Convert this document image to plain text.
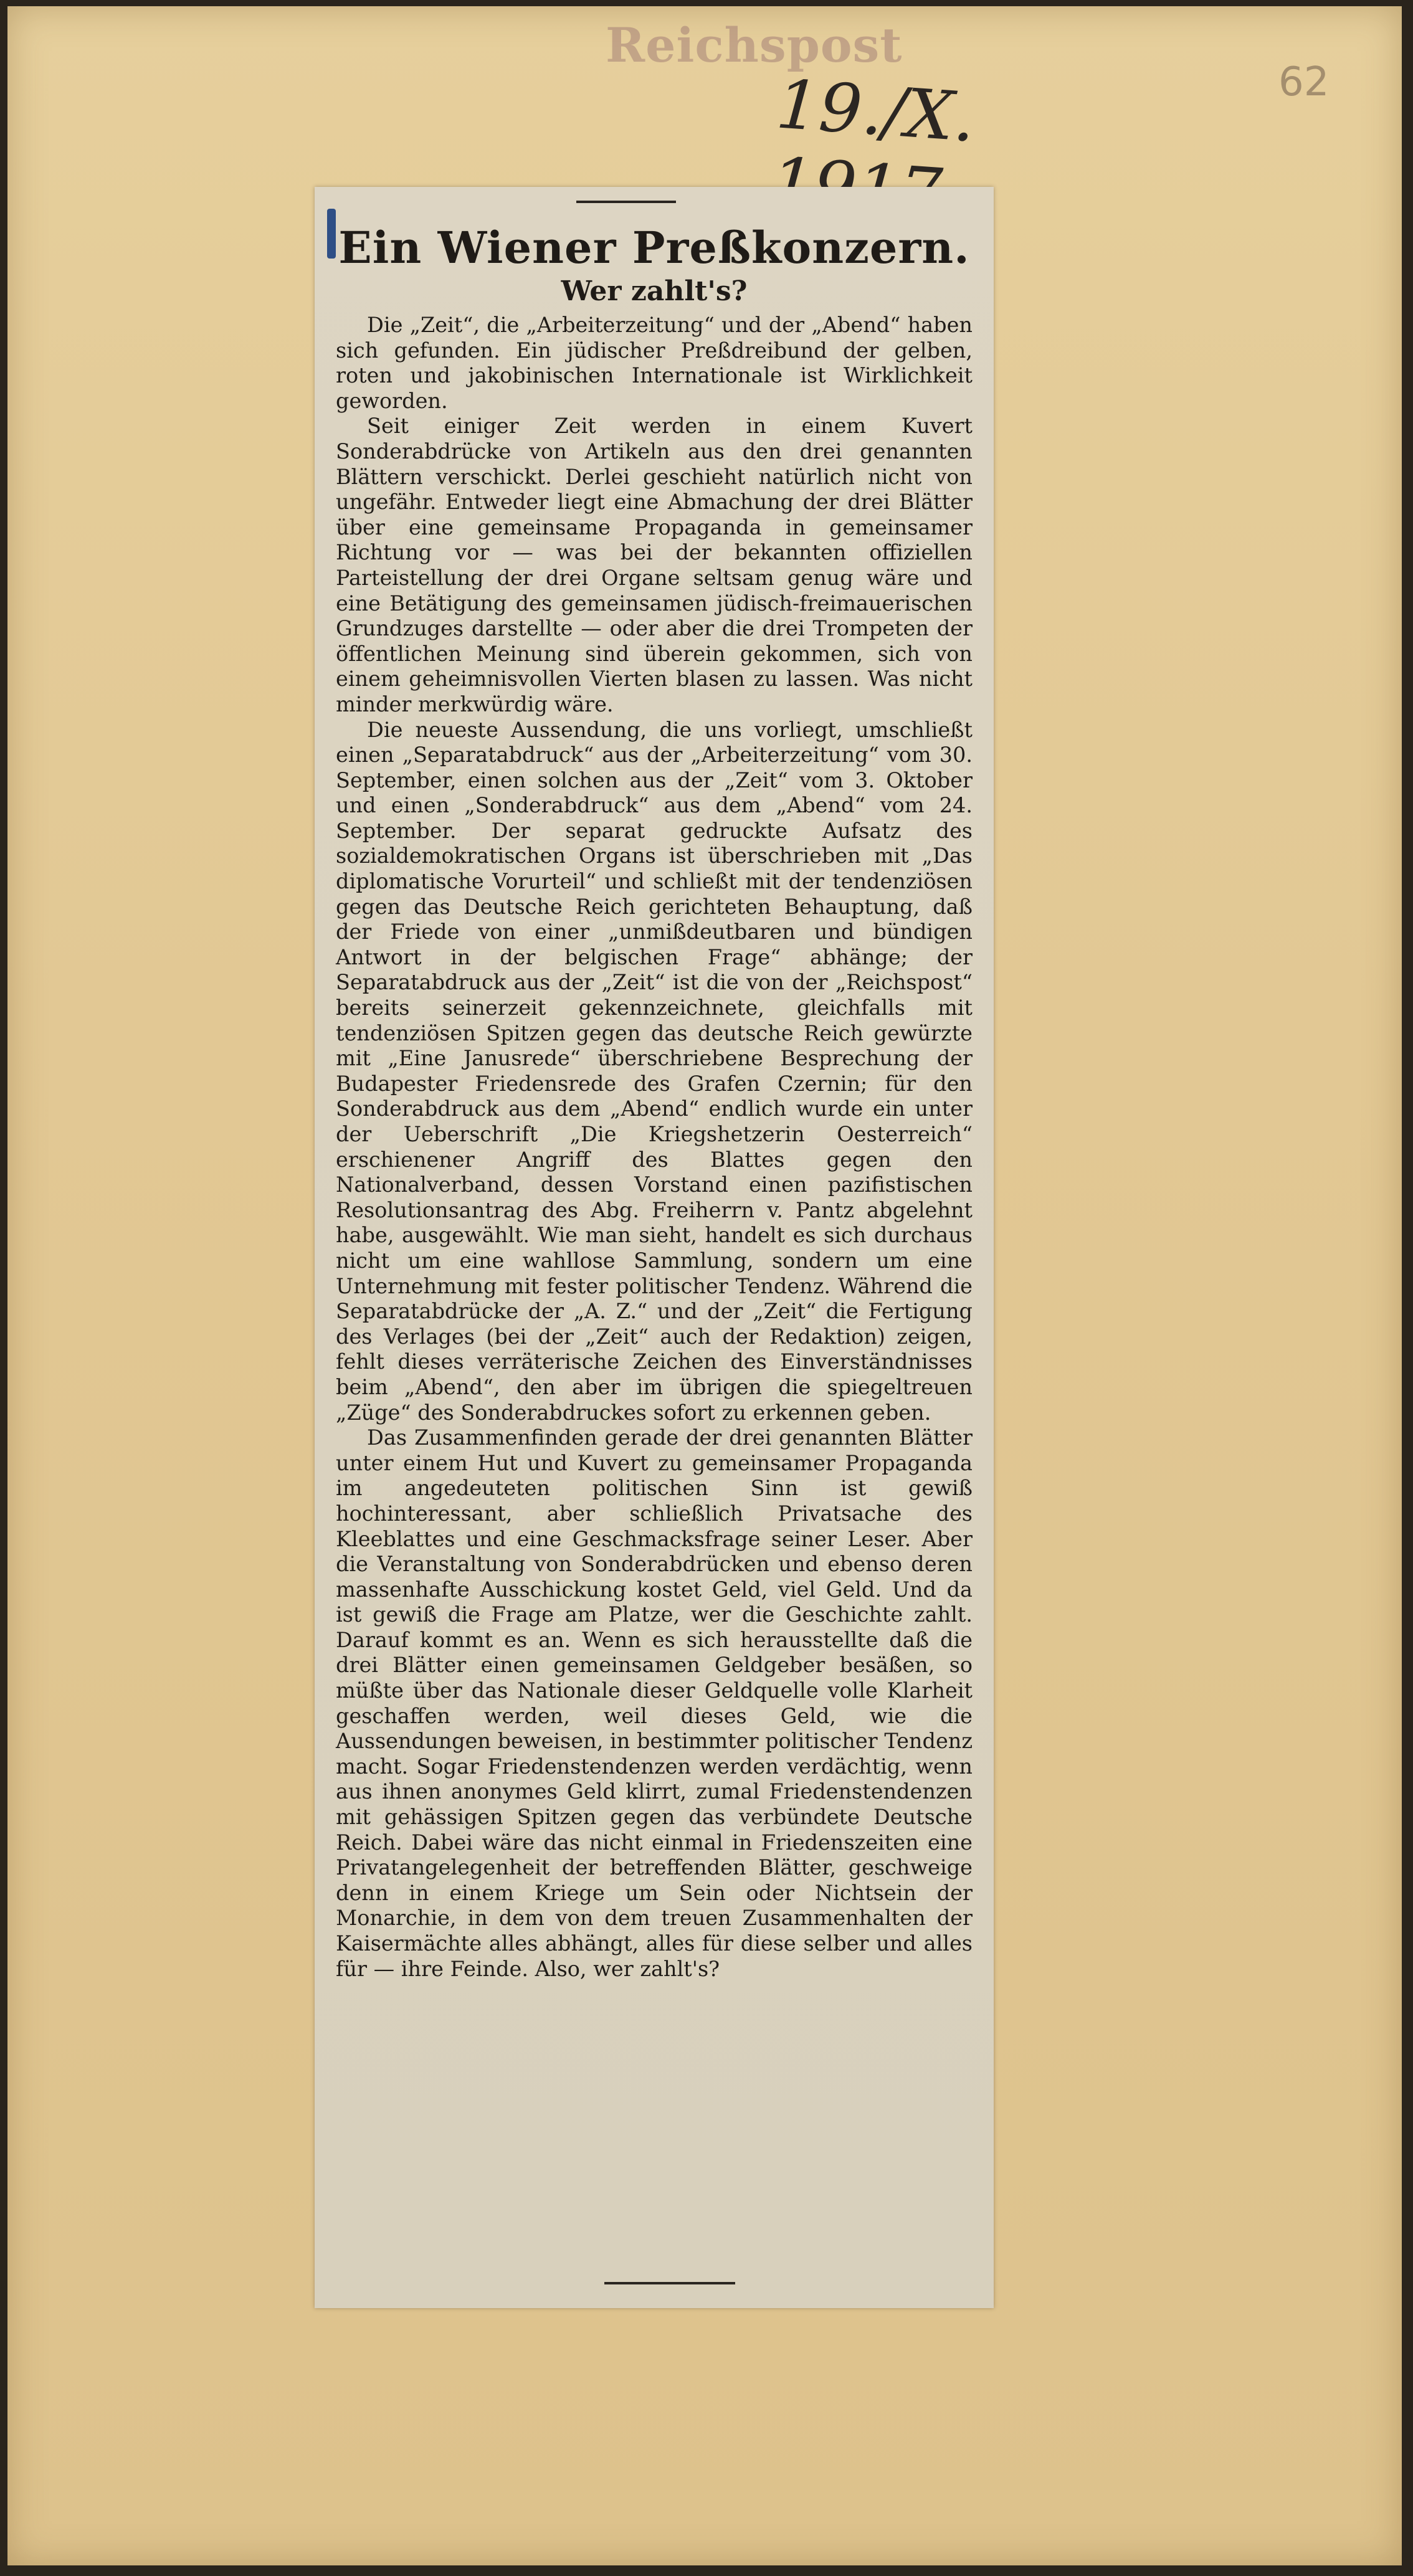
Reichspost
19./X.	62
Ein Wiener Preßkonzern.
Wer zahlt's?

Die „Zeit“, die „Arbeiterzeitung“ und der „Abend“ haben sich gefunden. Ein jüdischer Preßdreibund der gelben, roten und jakobinischen Internationale ist Wirklichkeit geworden.

Seit einiger Zeit werden in einem Kuvert Sonderabdrücke von Artikeln aus den drei genannten Blättern verschickt. Derlei geschieht natürlich nicht von ungefähr. Entweder liegt eine Abmachung der drei Blätter über eine gemeinsame Propaganda in gemeinsamer Richtung vor — was bei der bekannten offiziellen Parteistellung der drei Organe seltsam genug wäre und eine Betätigung des gemeinsamen jüdisch-freimauerischen Grundzuges darstellte — oder aber die drei Trompeten der öffentlichen Meinung sind überein gekommen, sich von einem geheimnisvollen Vierten blasen zu lassen. Was nicht minder merkwürdig wäre.

Die neueste Aussendung, die uns vorliegt, umschließt einen „Separatabdruck“ aus der „Arbeiterzeitung“ vom 30. September, einen solchen aus der „Zeit“ vom 3. Oktober und einen „Sonderabdruck“ aus dem „Abend“ vom 24. September. Der separat gedruckte Aufsatz des sozialdemokratischen Organs ist überschrieben mit „Das diplomatische Vorurteil“ und schließt mit der tendenziösen gegen das Deutsche Reich gerichteten Behauptung, daß der Friede von einer „unmißdeutbaren und bündigen Antwort in der belgischen Frage“ abhänge; der Separatabdruck aus der „Zeit“ ist die von der „Reichspost“ bereits seinerzeit gekennzeichnete, gleichfalls mit tendenziösen Spitzen gegen das deutsche Reich gewürzte mit „Eine Janusrede“ überschriebene Besprechung der Budapester Friedensrede des Grafen Czernin; für den Sonderabdruck aus dem „Abend“ endlich wurde ein unter der Ueberschrift „Die Kriegshetzerin Oesterreich“ erschienener Angriff des Blattes gegen den Nationalverband, dessen Vorstand einen pazifistischen Resolutionsantrag des Abg. Freiherrn v. Pantz abgelehnt habe, ausgewählt. Wie man sieht, handelt es sich durchaus nicht um eine wahllose Sammlung, sondern um eine Unternehmung mit fester politischer Tendenz. Während die Separatabdrücke der „A. Z.“ und der „Zeit“ die Fertigung des Verlages (bei der „Zeit“ auch der Redaktion) zeigen, fehlt dieses verräterische Zeichen des Einverständnisses beim „Abend“, den aber im übrigen die spiegeltreuen „Züge“ des Sonderabdruckes sofort zu erkennen geben.

Das Zusammenfinden gerade der drei genannten Blätter unter einem Hut und Kuvert zu gemeinsamer Propaganda im angedeuteten politischen Sinn ist gewiß hochinteressant, aber schließlich Privatsache des Kleeblattes und eine Geschmacksfrage seiner Leser. Aber die Veranstaltung von Sonderabdrücken und ebenso deren massenhafte Ausschickung kostet Geld, viel Geld. Und da ist gewiß die Frage am Platze, wer die Geschichte zahlt. Darauf kommt es an. Wenn es sich herausstellte daß die drei Blätter einen gemeinsamen Geldgeber besäßen, so müßte über das Nationale dieser Geldquelle volle Klarheit geschaffen werden, weil dieses Geld, wie die Aussendungen beweisen, in bestimmter politischer Tendenz macht. Sogar Friedenstendenzen werden verdächtig, wenn aus ihnen anonymes Geld klirrt, zumal Friedenstendenzen mit gehässigen Spitzen gegen das verbündete Deutsche Reich. Dabei wäre das nicht einmal in Friedenszeiten eine Privatangelegenheit der betreffenden Blätter, geschweige denn in einem Kriege um Sein oder Nichtsein der Monarchie, in dem von dem treuen Zusammenhalten der Kaisermächte alles abhängt, alles für diese selber und alles für — ihre Feinde. Also, wer zahlt's?
